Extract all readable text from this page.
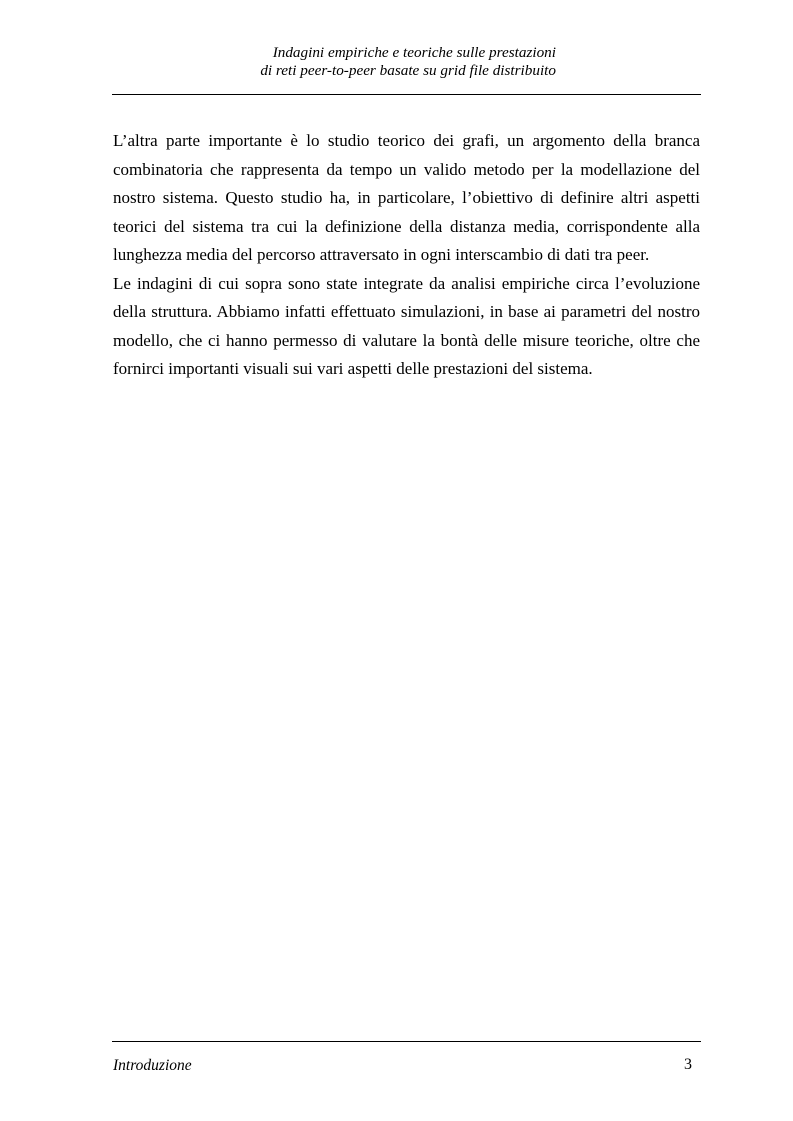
Indagini empiriche e teoriche sulle prestazioni
di reti peer-to-peer basate su grid file distribuito

L’altra parte importante è lo studio teorico dei grafi, un argomento della branca combinatoria che rappresenta da tempo un valido metodo per la modellazione del nostro sistema. Questo studio ha, in particolare, l’obiettivo di definire altri aspetti teorici del sistema tra cui la definizione della distanza media, corrispondente alla lunghezza media del percorso attraversato in ogni interscambio di dati tra peer.

Le indagini di cui sopra sono state integrate da analisi empiriche circa l’evoluzione della struttura. Abbiamo infatti effettuato simulazioni, in base ai parametri del nostro modello, che ci hanno permesso di valutare la bontà delle misure teoriche, oltre che fornirci importanti visuali sui vari aspetti delle prestazioni del sistema.

Introduzione	3
